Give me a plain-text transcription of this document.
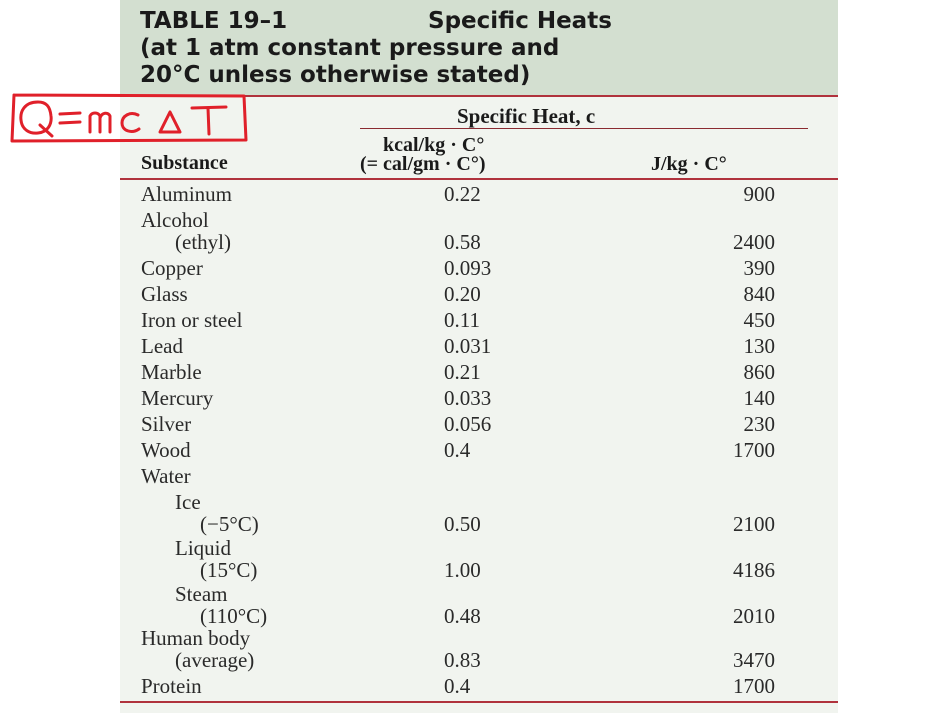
TABLE 19–1	Specific Heats
(at 1 atm constant pressure and
20°C unless otherwise stated)
Specific Heat, c
kcal/kg · C°
(= cal/gm · C°)	J/kg · C°
Substance
Aluminum	0.22	900
Alcohol
(ethyl)	0.58	2400
Copper	0.093	390
Glass	0.20	840
Iron or steel	0.11	450
Lead	0.031	130
Marble	0.21	860
Mercury	0.033	140
Silver	0.056	230
Wood	0.4	1700
Water
Ice
(−5°C)	0.50	2100
Liquid
(15°C)	1.00	4186
Steam
(110°C)	0.48	2010
Human body
(average)	0.83	3470
Protein	0.4	1700
